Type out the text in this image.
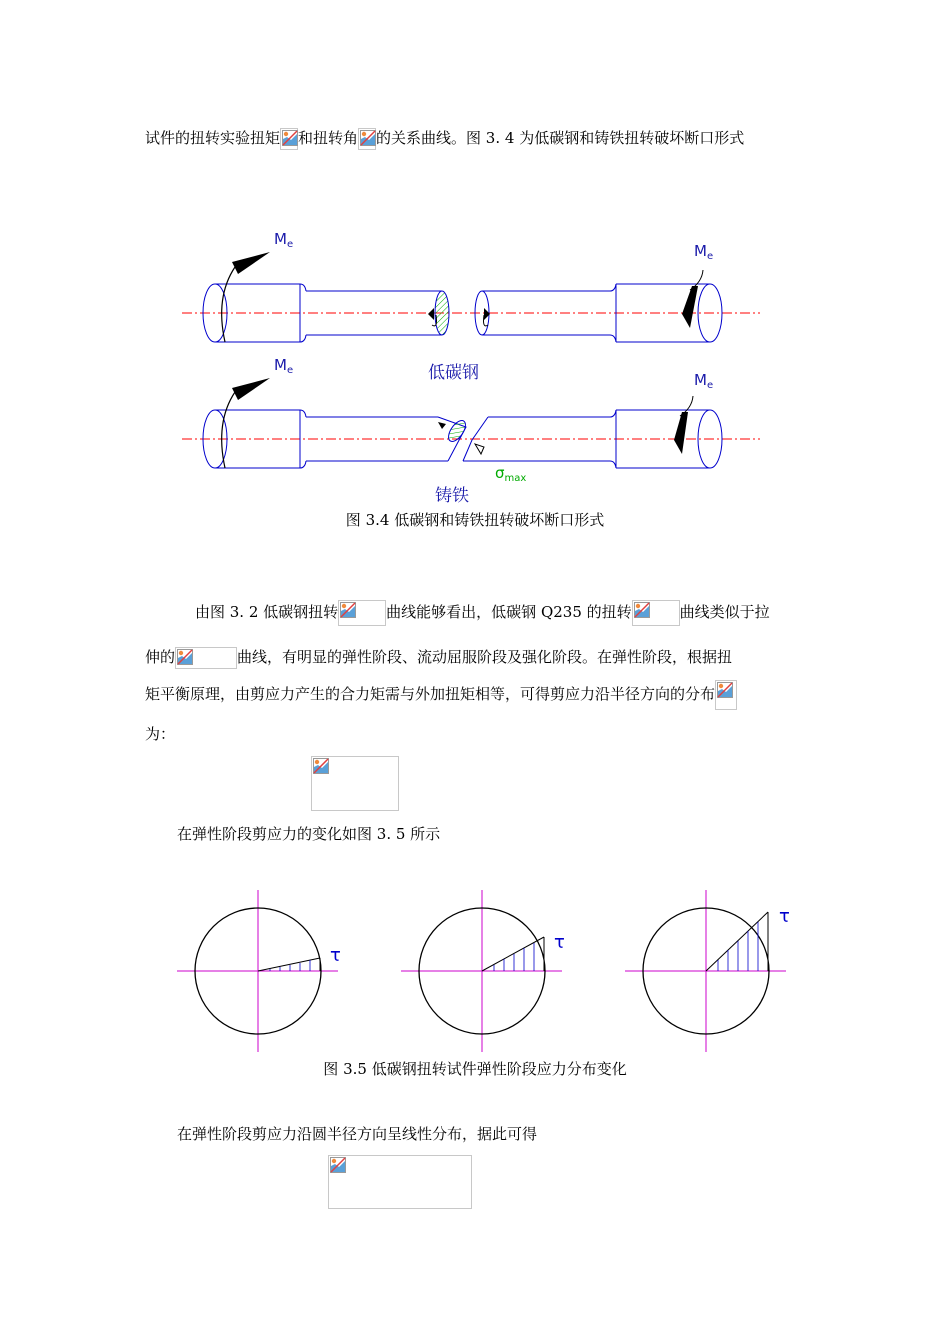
试件的扭转实验扭矩 和扭转角 的关系曲线。图 3. 4 为低碳钢和铸铁扭转破坏断口形式
$M_e$	$M_e$
低碳钢
$M_e$
$M_e$
$\sigma_{max}$
铸铁
图 3.4 低碳钢和铸铁扭转破坏断口形式
由图 3. 2 低碳钢扭转	曲线能够看出，低碳钢 Q235 的扭转	曲线类似于拉
伸的	曲线，有明显的弹性阶段、流动屈服阶段及强化阶段。在弹性阶段，根据扭
矩平衡原理，由剪应力产生的合力矩需与外加扭矩相等，可得剪应力沿半径方向的分布
为：
在弹性阶段剪应力的变化如图 3. 5 所示
τ
τ
τ
图 3.5 低碳钢扭转试件弹性阶段应力分布变化
在弹性阶段剪应力沿圆半径方向呈线性分布，据此可得
